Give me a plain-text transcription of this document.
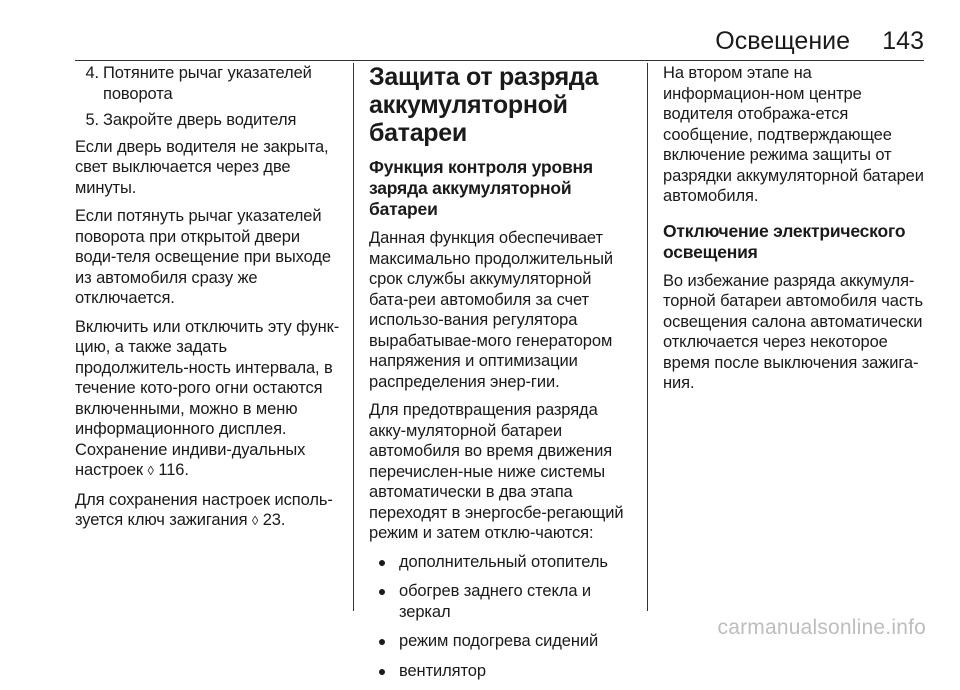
Освещение 143
4. Потяните рычаг указателей поворота
5. Закройте дверь водителя

Если дверь водителя не закрыта, свет выключается через две минуты.

Если потянуть рычаг указателей поворота при открытой двери води-теля освещение при выходе из автомобиля сразу же отключается.

Включить или отключить эту функ-цию, а также задать продолжитель-ность интервала, в течение кото-рого огни остаются включенными, можно в меню информационного дисплея. Сохранение индиви-дуальных настроек ◊ 116.

Для сохранения настроек исполь-зуется ключ зажигания ◊ 23.

Защита от разряда аккумуляторной батареи
Функция контроля уровня заряда аккумуляторной батареи

Данная функция обеспечивает максимально продолжительный срок службы аккумуляторной бата-реи автомобиля за счет использо-вания регулятора вырабатывае-мого генератором напряжения и оптимизации распределения энер-гии.

Для предотвращения разряда акку-муляторной батареи автомобиля во время движения перечислен-ные ниже системы автоматически в два этапа переходят в энергосбе-регающий режим и затем отклю-чаются:

● дополнительный отопитель
● обогрев заднего стекла и зеркал
● режим подогрева сидений
● вентилятор

На втором этапе на информацион-ном центре водителя отобража-ется сообщение, подтверждающее включение режима защиты от разрядки аккумуляторной батареи автомобиля.

Отключение электрического освещения

Во избежание разряда аккумуля-торной батареи автомобиля часть освещения салона автоматически отключается через некоторое время после выключения зажига-ния.

carmanualsonline.info
